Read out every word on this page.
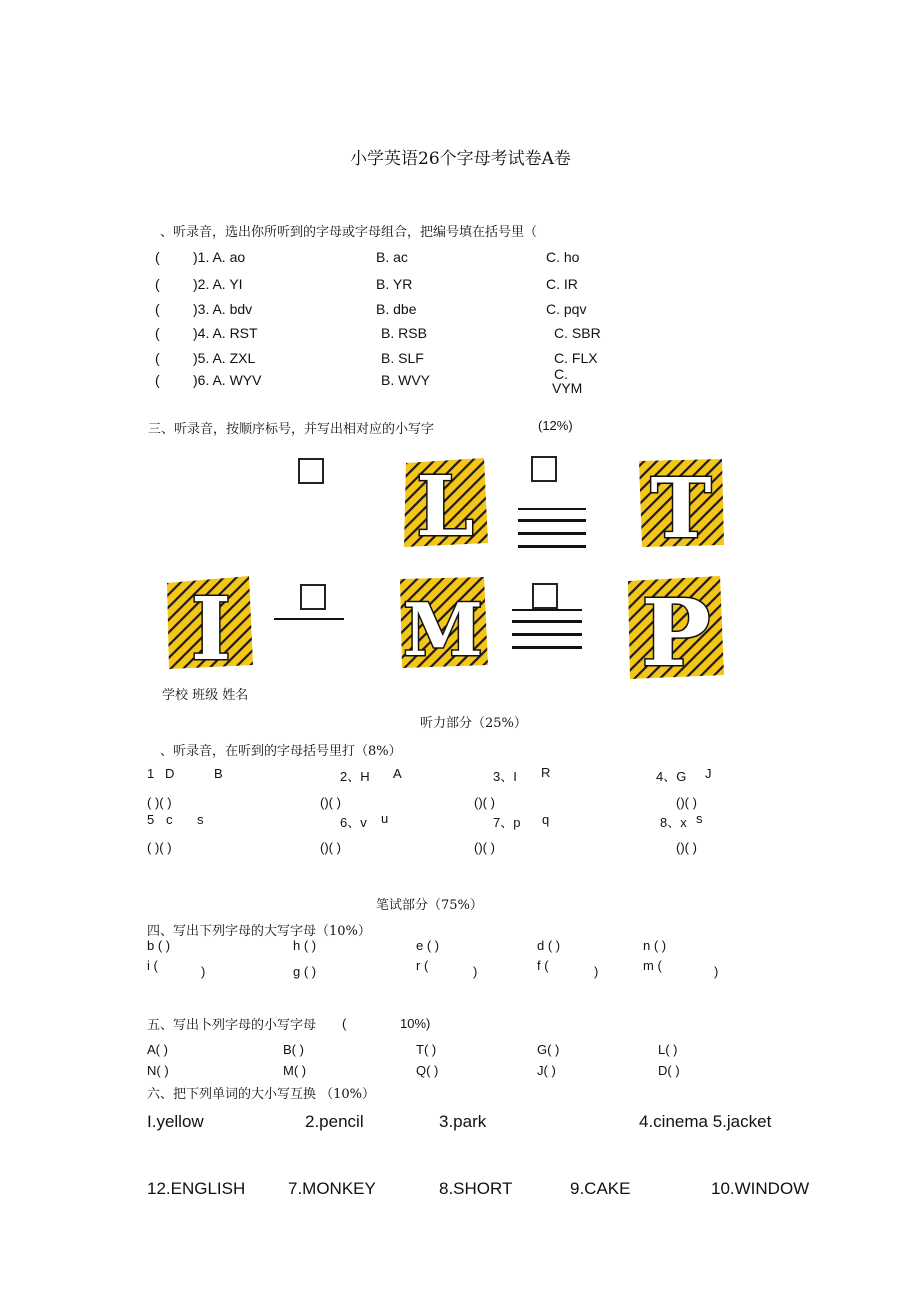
小学英语26个字母考试卷A卷
、听录音，选出你所听到的字母或字母组合，把编号填在括号里（
( )1. A. ao	B. ac	C. ho
( )2. A. YI	B. YR	C. IR
( )3. A. bdv	B. dbe	C. pqv
( )4. A. RST	B. RSB	C. SBR
( )5. A. ZXL	B. SLF	C. FLX
( )6. A. WYV	B. WVY	C.
VYM
三、听录音，按顺序标号，并写出相对应的小写字	(12%)
L T
I M P
学校 班级 姓名
听力部分（25%）
、听录音，在听到的字母括号里打（8%）
1 D	B	2、H A	3、I R	4、G J
( )( )	()( )	()( )	()( )
5 c s	6、v u	7、p q	8、x s
( )( )	()( )	()( )	()( )
笔试部分（75%）
四、写出下列字母的大写字母（10%）
b ( )	h ( )	e ( )	d ( )	n ( )
i (	)	g ( )	r (	)	f (	)	m (	)
五、写出卜列字母的小写字母 (	10%)
A( )	B( )	T( )	G( )	L( )
N( )	M( )	Q( )	J( )	D( )
六、把下列单词的大小写互换 （10%）
I.yellow	2.pencil	3.park	4.cinema 5.jacket
12.ENGLISH	7.MONKEY	8.SHORT	9.CAKE	10.WINDOW
